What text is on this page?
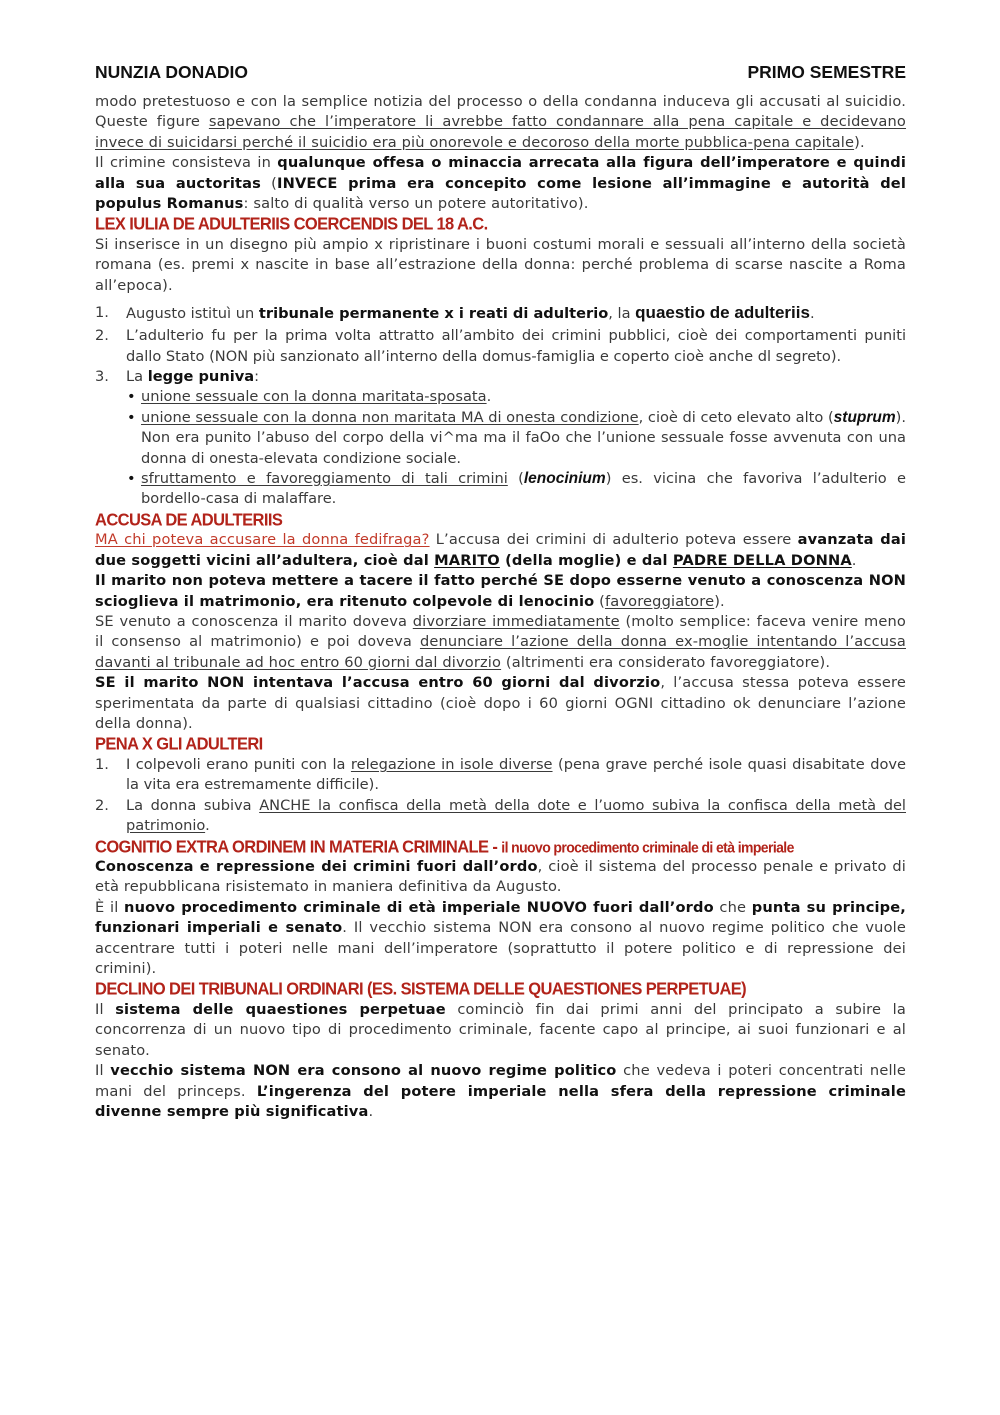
NUNZIA DONADIO	PRIMO SEMESTRE

modo pretestuoso e con la semplice notizia del processo o della condanna induceva gli accusati al suicidio. Queste figure sapevano che l’imperatore li avrebbe fatto condannare alla pena capitale e decidevano invece di suicidarsi perché il suicidio era più onorevole e decoroso della morte pubblica-pena capitale).

Il crimine consisteva in qualunque offesa o minaccia arrecata alla figura dell’imperatore e quindi alla sua auctoritas (INVECE prima era concepito come lesione all’immagine e autorità del populus Romanus: salto di qualità verso un potere autoritativo).

LEX IULIA DE ADULTERIIS COERCENDIS DEL 18 A.C.

Si inserisce in un disegno più ampio x ripristinare i buoni costumi morali e sessuali all’interno della società romana (es. premi x nascite in base all’estrazione della donna: perché problema di scarse nascite a Roma all’epoca).

1. Augusto istituì un tribunale permanente x i reati di adulterio, la quaestio de adulteriis.
2. L’adulterio fu per la prima volta attratto all’ambito dei crimini pubblici, cioè dei comportamenti puniti dallo Stato (NON più sanzionato all’interno della domus-famiglia e coperto cioè anche dl segreto).
3. La legge puniva:
• unione sessuale con la donna maritata-sposata.
• unione sessuale con la donna non maritata MA di onesta condizione, cioè di ceto elevato alto (stuprum). Non era punito l’abuso del corpo della vi^ma ma il faOo che l’unione sessuale fosse avvenuta con una donna di onesta-elevata condizione sociale.
• sfruttamento e favoreggiamento di tali crimini (lenocinium) es. vicina che favoriva l’adulterio e bordello-casa di malaffare.
ACCUSA DE ADULTERIIS

MA chi poteva accusare la donna fedifraga? L’accusa dei crimini di adulterio poteva essere avanzata dai due soggetti vicini all’adultera, cioè dal MARITO (della moglie) e dal PADRE DELLA DONNA.

Il marito non poteva mettere a tacere il fatto perché SE dopo esserne venuto a conoscenza NON scioglieva il matrimonio, era ritenuto colpevole di lenocinio (favoreggiatore).

SE venuto a conoscenza il marito doveva divorziare immediatamente (molto semplice: faceva venire meno il consenso al matrimonio) e poi doveva denunciare l’azione della donna ex-moglie intentando l’accusa davanti al tribunale ad hoc entro 60 giorni dal divorzio (altrimenti era considerato favoreggiatore).

SE il marito NON intentava l’accusa entro 60 giorni dal divorzio, l’accusa stessa poteva essere sperimentata da parte di qualsiasi cittadino (cioè dopo i 60 giorni OGNI cittadino ok denunciare l’azione della donna).

PENA X GLI ADULTERI
1. I colpevoli erano puniti con la relegazione in isole diverse (pena grave perché isole quasi disabitate dove la vita era estremamente difficile).
2. La donna subiva ANCHE la confisca della metà della dote e l’uomo subiva la confisca della metà del patrimonio.
COGNITIO EXTRA ORDINEM IN MATERIA CRIMINALE - il nuovo procedimento criminale di età imperiale

Conoscenza e repressione dei crimini fuori dall’ordo, cioè il sistema del processo penale e privato di età repubblicana risistemato in maniera definitiva da Augusto.

È il nuovo procedimento criminale di età imperiale NUOVO fuori dall’ordo che punta su principe, funzionari imperiali e senato. Il vecchio sistema NON era consono al nuovo regime politico che vuole accentrare tutti i poteri nelle mani dell’imperatore (soprattutto il potere politico e di repressione dei crimini).

DECLINO DEI TRIBUNALI ORDINARI (ES. SISTEMA DELLE QUAESTIONES PERPETUAE)

Il sistema delle quaestiones perpetuae cominciò fin dai primi anni del principato a subire la concorrenza di un nuovo tipo di procedimento criminale, facente capo al principe, ai suoi funzionari e al senato.

Il vecchio sistema NON era consono al nuovo regime politico che vedeva i poteri concentrati nelle mani del princeps. L’ingerenza del potere imperiale nella sfera della repressione criminale divenne sempre più significativa.
